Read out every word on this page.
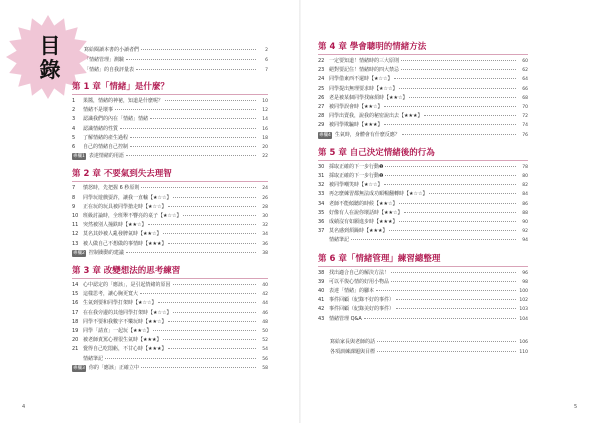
目錄
寫給閱讀本書的小讀者們	2
「情緒管理」測驗	6
「情緒」的自我評量表	7
第 1 章「情緒」是什麼？
1	果醬，情緒的神祕，知道是什麼呢？	10
2	情緒不是壞事	12
3	認識我們的內在「情緒」情緒	14
4	認識情緒的性質	16
5	了解情緒的產生過程	18
6	自己的情緒自己控制	20
專欄1 表達情緒的用語	22
第 2 章 不要氣到失去理智
7	憤怒時，先把握 6 秒原則	24
8	同學玩遊戲耍詐，讓我一直輸【★☆☆】	26
9	正在玩的玩具被同學搶走時【★☆☆】	28
10 班級討論時，全班舉不響亮的桌子【★☆☆】	30
11 突然被別人撞跌時【★★☆】	32
12 莫名其妙被人亂發脾氣時【★★☆】	34
13 被人做自己不想做的事情時【★★★】	36
專欄2 控制衝動的建議	38
第 3 章 改變想法的思考練習
14 心中認定的「應該」，是引起情緒的原因	40
15 這樣思考，讓心胸更寬大	42
16 生氣到要和同學打架時【★☆☆】	44
17 在在我旁邊的其他同學打架時【★☆☆】	46
18 同學不要和我數字不樂玩時【★★☆】	48
19 同學「請直」一起玩【★★☆】	50
20 被老師責罵心裡很生氣時【★★★】	52
21 覺得自己吃悶虧，不甘心時【★★★】	54
情緒筆記	56
專欄3 你的「應該」正確立中	58
第 4 章 學會聰明的情緒方法
22 一定要知道！情緒時的三大原則	60
23 絕對要記住！情緒時的四大禁忌	62
24 同學借東西不還時【★☆☆】	64
25 同學提出無理要求時【★☆☆】	66
26 老是被某個同學找麻煩時【★★☆】	68
27 被同學誤會時【★★☆】	70
28 同學出賣我，說我的秘密說出去【★★★】	72
29 被同學欺騙時【★★★】	74
專欄4 生氣時，身體會有什麼反應？	76
第 5 章 自己決定情緒後的行為
30 採取正確的下一步行動❶	78
31 採取正確的下一步行動❷	80
32 被同學嘲笑時【★☆☆】	82
33 再怎麼練習都無法成功順暢翻轉時【★☆☆】	84
34 老師不能傾聽的時候【★★☆】	86
35 好像有人在說你壞話時【★★☆】	88
36 成績沒有如願進步時【★★★】	90
37 莫名感到煩躁時【★★★】	92
情緒筆記	94
第 6 章「情緒管理」練習總整理
38 找出適合自己的解決方法！	96
39 可以平復心情的好用小物品	98
40 表達「情緒」的腳本	100
41 事件回顧（紀錄不好的事件）	102
42 事件回顧（紀錄美好的事件）	103
43 情緒管理 Q&A	104
寫給家長與老師的話	106
各項訓練課題與目標	110
4	5
